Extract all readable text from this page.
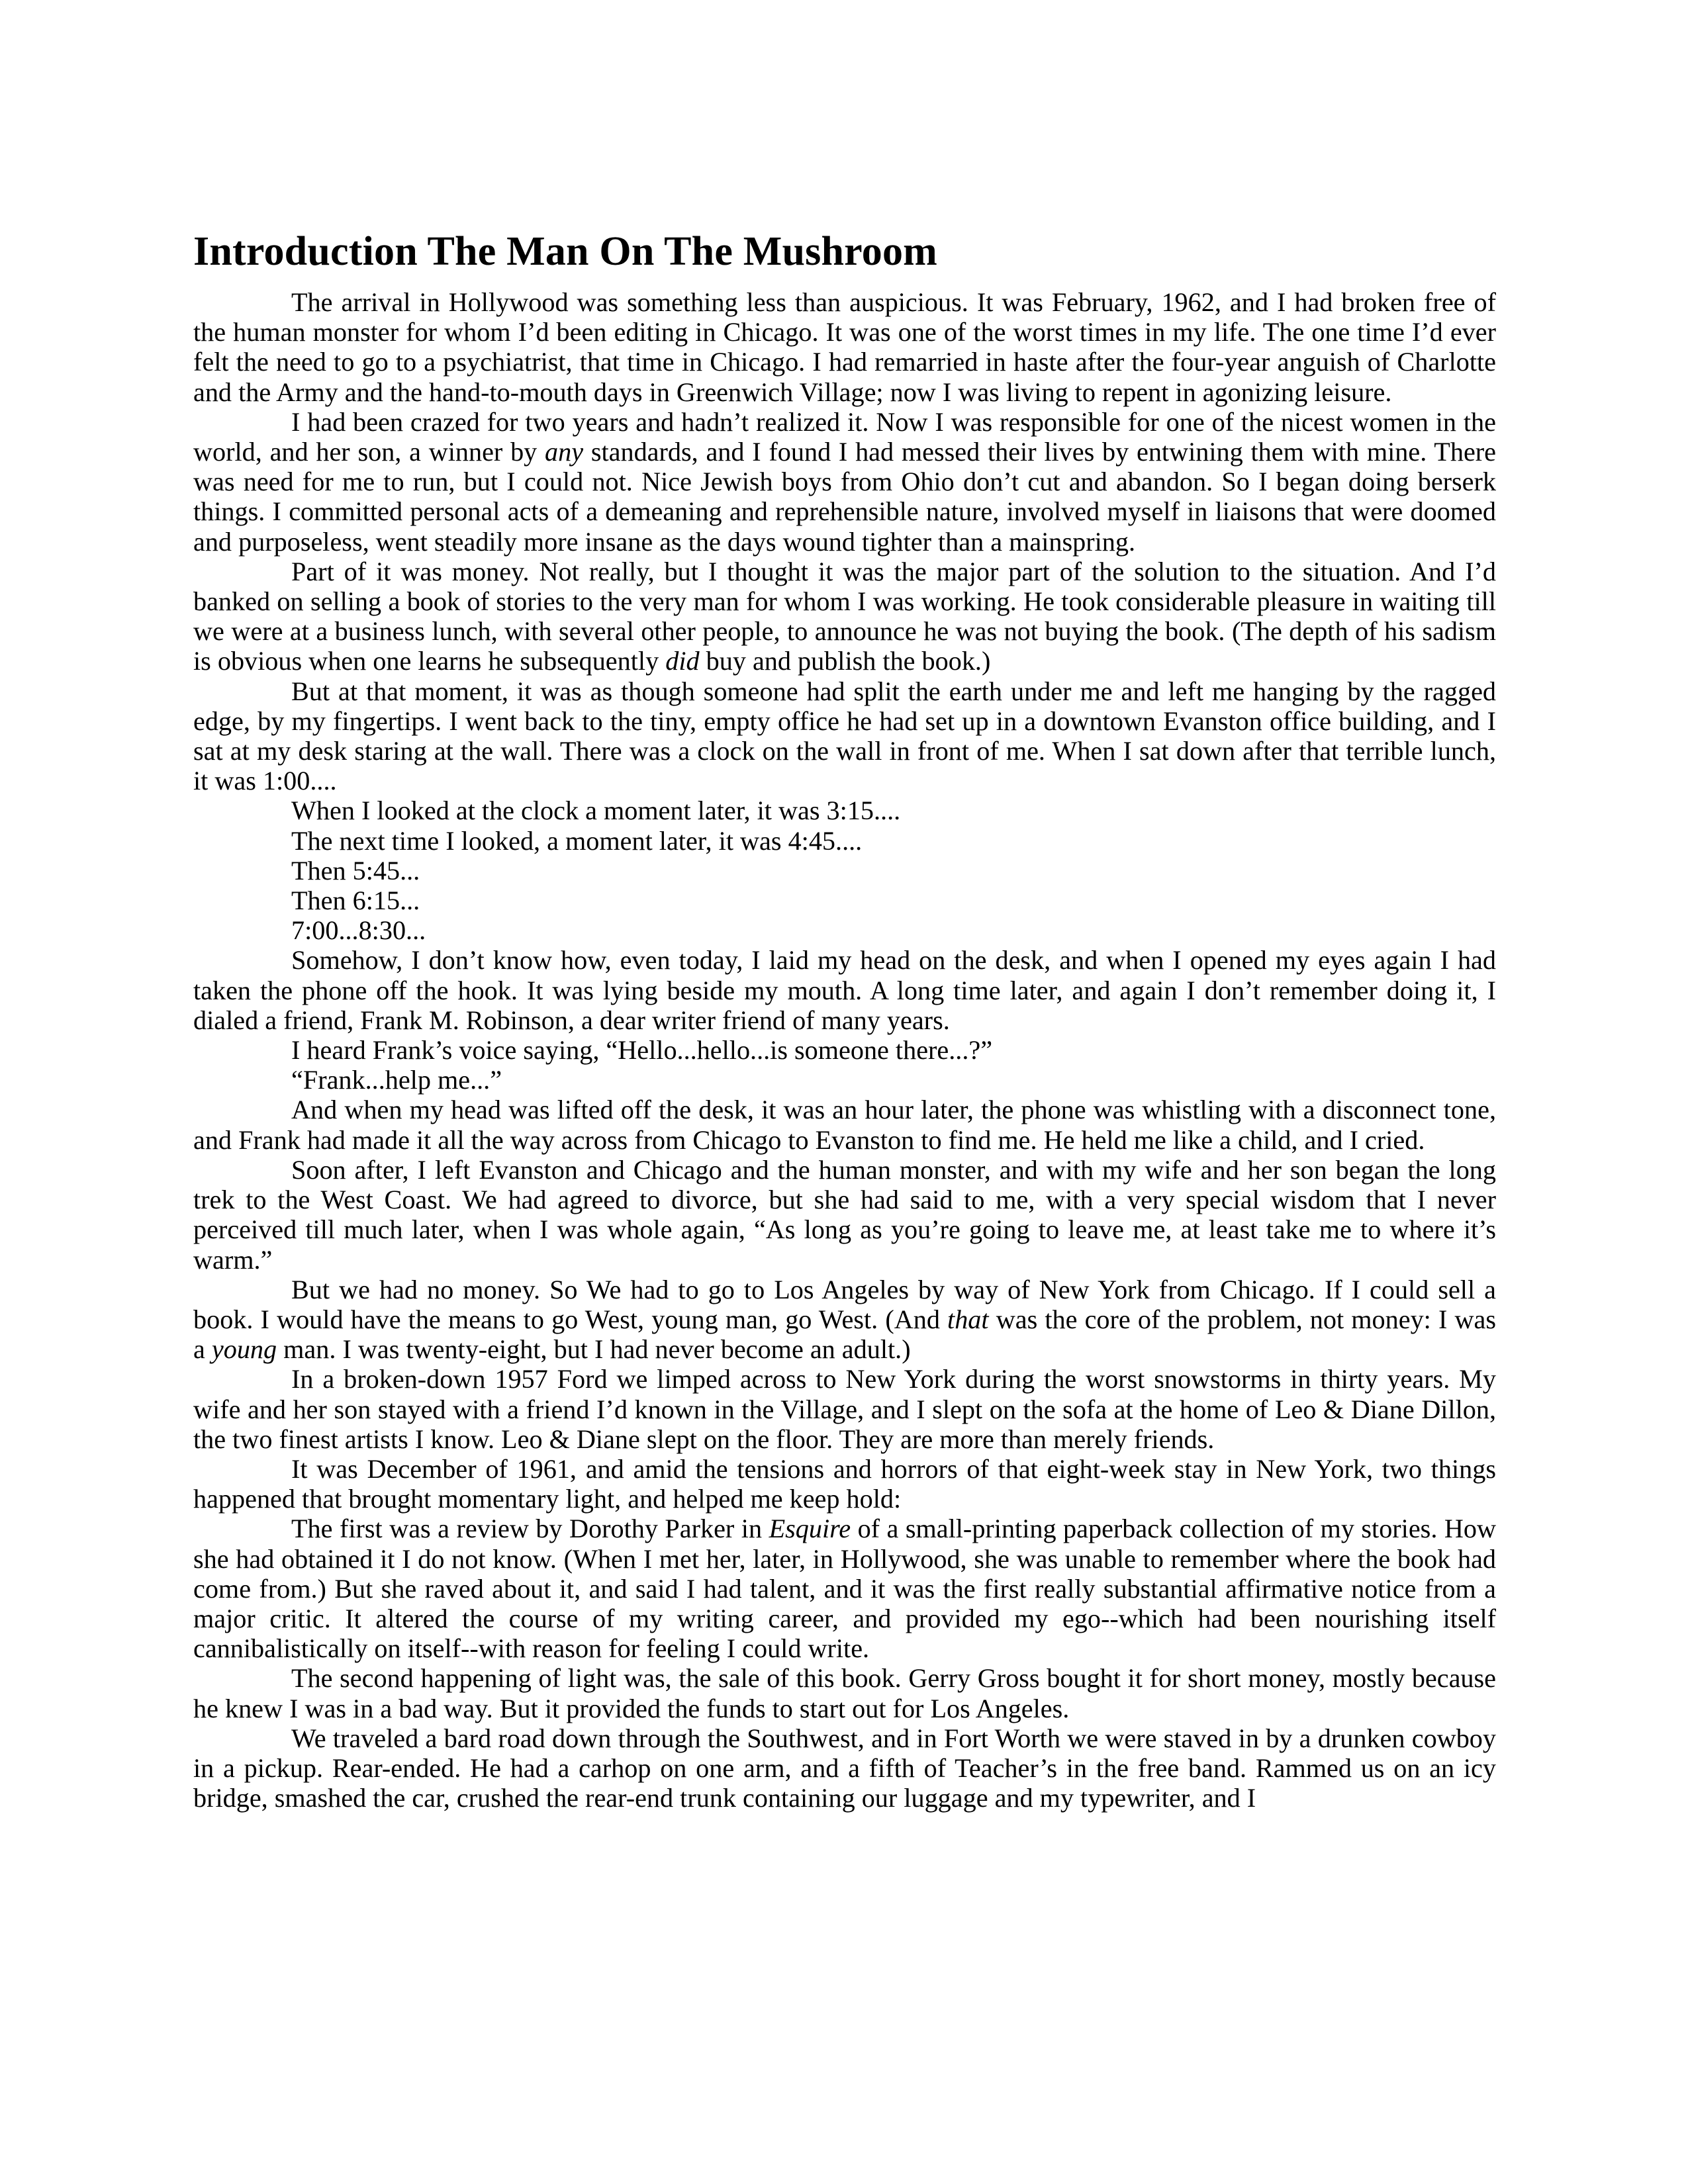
Introduction The Man On The Mushroom

The arrival in Hollywood was something less than auspicious. It was February, 1962, and I had broken free of the human monster for whom I’d been editing in Chicago. It was one of the worst times in my life. The one time I’d ever felt the need to go to a psychiatrist, that time in Chicago. I had remarried in haste after the four-year anguish of Charlotte and the Army and the hand-to-mouth days in Greenwich Village; now I was living to repent in agonizing leisure.

I had been crazed for two years and hadn’t realized it. Now I was responsible for one of the nicest women in the world, and her son, a winner by any standards, and I found I had messed their lives by entwining them with mine. There was need for me to run, but I could not. Nice Jewish boys from Ohio don’t cut and abandon. So I began doing berserk things. I committed personal acts of a demeaning and reprehensible nature, involved myself in liaisons that were doomed and purposeless, went steadily more insane as the days wound tighter than a mainspring.

Part of it was money. Not really, but I thought it was the major part of the solution to the situation. And I’d banked on selling a book of stories to the very man for whom I was working. He took considerable pleasure in waiting till we were at a business lunch, with several other people, to announce he was not buying the book. (The depth of his sadism is obvious when one learns he subsequently did buy and publish the book.)

But at that moment, it was as though someone had split the earth under me and left me hanging by the ragged edge, by my fingertips. I went back to the tiny, empty office he had set up in a downtown Evanston office building, and I sat at my desk staring at the wall. There was a clock on the wall in front of me. When I sat down after that terrible lunch, it was 1:00....

When I looked at the clock a moment later, it was 3:15....

The next time I looked, a moment later, it was 4:45....

Then 5:45...

Then 6:15...

7:00...8:30...

Somehow, I don’t know how, even today, I laid my head on the desk, and when I opened my eyes again I had taken the phone off the hook. It was lying beside my mouth. A long time later, and again I don’t remember doing it, I dialed a friend, Frank M. Robinson, a dear writer friend of many years.

I heard Frank’s voice saying, “Hello...hello...is someone there...?”

“Frank...help me...”

And when my head was lifted off the desk, it was an hour later, the phone was whistling with a disconnect tone, and Frank had made it all the way across from Chicago to Evanston to find me. He held me like a child, and I cried.

Soon after, I left Evanston and Chicago and the human monster, and with my wife and her son began the long trek to the West Coast. We had agreed to divorce, but she had said to me, with a very special wisdom that I never perceived till much later, when I was whole again, “As long as you’re going to leave me, at least take me to where it’s warm.”

But we had no money. So We had to go to Los Angeles by way of New York from Chicago. If I could sell a book. I would have the means to go West, young man, go West. (And that was the core of the problem, not money: I was a young man. I was twenty-eight, but I had never become an adult.)

In a broken-down 1957 Ford we limped across to New York during the worst snowstorms in thirty years. My wife and her son stayed with a friend I’d known in the Village, and I slept on the sofa at the home of Leo & Diane Dillon, the two finest artists I know. Leo & Diane slept on the floor. They are more than merely friends.

It was December of 1961, and amid the tensions and horrors of that eight-week stay in New York, two things happened that brought momentary light, and helped me keep hold:

The first was a review by Dorothy Parker in Esquire of a small-printing paperback collection of my stories. How she had obtained it I do not know. (When I met her, later, in Hollywood, she was unable to remember where the book had come from.) But she raved about it, and said I had talent, and it was the first really substantial affirmative notice from a major critic. It altered the course of my writing career, and provided my ego--which had been nourishing itself cannibalistically on itself--with reason for feeling I could write.

The second happening of light was, the sale of this book. Gerry Gross bought it for short money, mostly because he knew I was in a bad way. But it provided the funds to start out for Los Angeles.

We traveled a bard road down through the Southwest, and in Fort Worth we were staved in by a drunken cowboy in a pickup. Rear-ended. He had a carhop on one arm, and a fifth of Teacher’s in the free band. Rammed us on an icy bridge, smashed the car, crushed the rear-end trunk containing our luggage and my typewriter, and I
